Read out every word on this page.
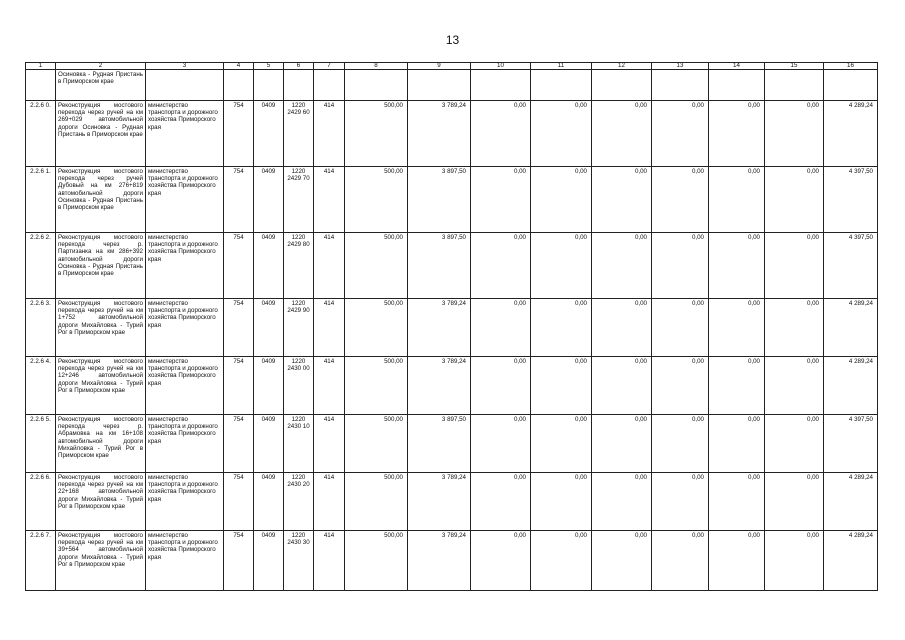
13
1	2	3	4	5	6	7	8	9	10	11	12	13	14	15	16
	Осиновка - Рудная Пристань в Приморском крае														
2.2.6 0.	Реконструкция мостового перехода через ручей на км 269+029 автомобильной дороги Осиновка - Рудная Пристань в Приморском крае	министерство транспорта и дорожного хозяйства Приморского края	754	0409	1220 2429 60	414	500,00	3 789,24	0,00	0,00	0,00	0,00	0,00	0,00	4 289,24
2.2.6 1.	Реконструкция мостового перехода через ручей Дубовый на км 276+819 автомобильной дороги Осиновка - Рудная Пристань в Приморском крае	министерство транспорта и дорожного хозяйства Приморского края	754	0409	1220 2429 70	414	500,00	3 897,50	0,00	0,00	0,00	0,00	0,00	0,00	4 397,50
2.2.6 2.	Реконструкция мостового перехода через р. Партизанка на км 286+392 автомобильной дороги Осиновка - Рудная Пристань в Приморском крае	министерство транспорта и дорожного хозяйства Приморского края	754	0409	1220 2429 80	414	500,00	3 897,50	0,00	0,00	0,00	0,00	0,00	0,00	4 397,50
2.2.6 3.	Реконструкция мостового перехода через ручей на км 1+752 автомобильной дороги Михайловка - Турий Рог в Приморском крае	министерство транспорта и дорожного хозяйства Приморского края	754	0409	1220 2429 90	414	500,00	3 789,24	0,00	0,00	0,00	0,00	0,00	0,00	4 289,24
2.2.6 4.	Реконструкция мостового перехода через ручей на км 12+246 автомобильной дороги Михайловка - Турий Рог в Приморском крае	министерство транспорта и дорожного хозяйства Приморского края	754	0409	1220 2430 00	414	500,00	3 789,24	0,00	0,00	0,00	0,00	0,00	0,00	4 289,24
2.2.6 5.	Реконструкция мостового перехода через р. Абрамовка на км 16+108 автомобильной дороги Михайловка - Турий Рог в Приморском крае	министерство транспорта и дорожного хозяйства Приморского края	754	0409	1220 2430 10	414	500,00	3 897,50	0,00	0,00	0,00	0,00	0,00	0,00	4 397,50
2.2.6 6.	Реконструкция мостового перехода через ручей на км 22+168 автомобильной дороги Михайловка - Турий Рог в Приморском крае	министерство транспорта и дорожного хозяйства Приморского края	754	0409	1220 2430 20	414	500,00	3 789,24	0,00	0,00	0,00	0,00	0,00	0,00	4 289,24
2.2.6 7.	Реконструкция мостового перехода через ручей на км 39+564 автомобильной дороги Михайловка - Турий Рог в Приморском крае	министерство транспорта и дорожного хозяйства Приморского края	754	0409	1220 2430 30	414	500,00	3 789,24	0,00	0,00	0,00	0,00	0,00	0,00	4 289,24
